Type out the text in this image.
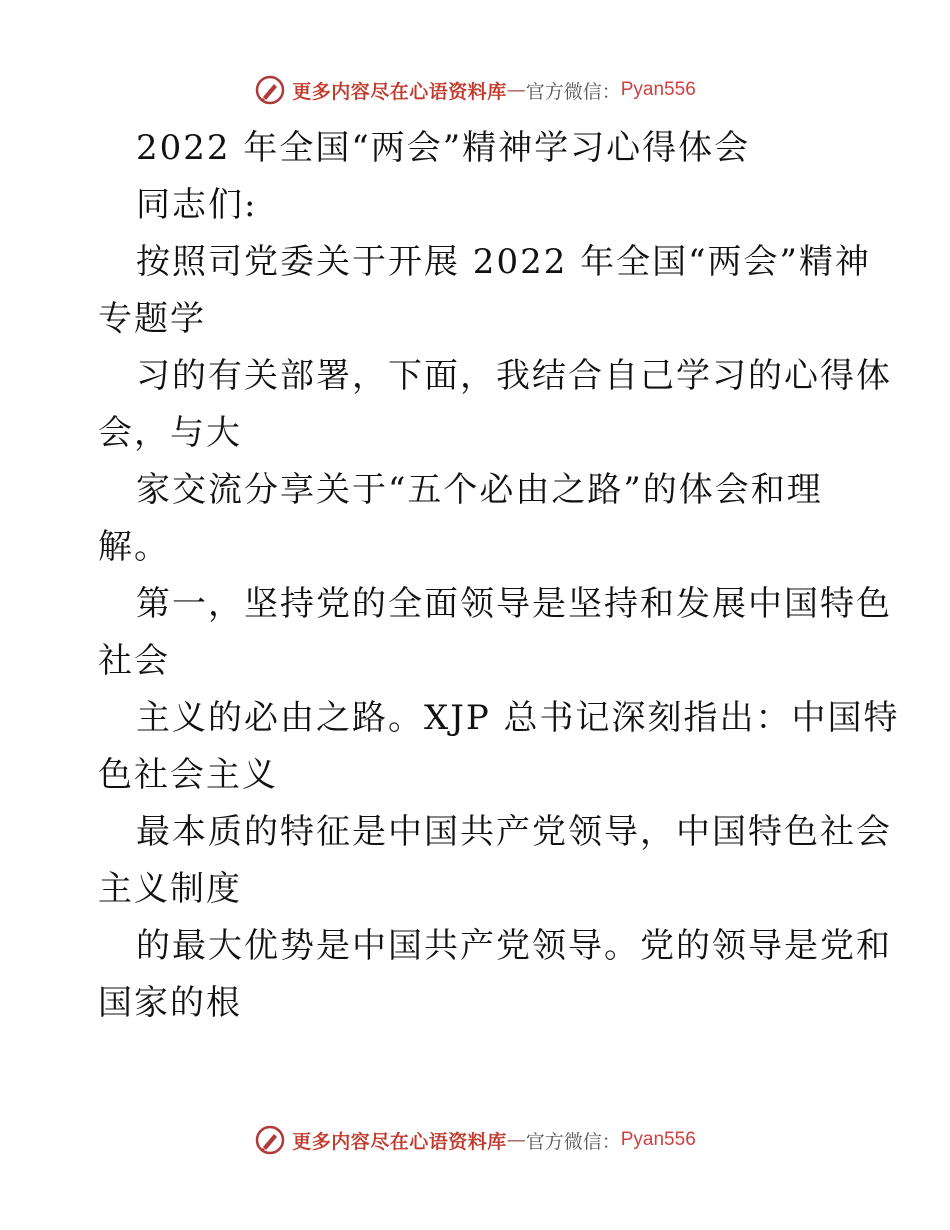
更多内容尽在心语资料库 — 官方微信： Pyan556
2022 年全国“两会”精神学习心得体会
同志们:
按照司党委关于开展 2022 年全国“两会”精神
专题学
习的有关部署，下面，我结合自己学习的心得体
会，与大
家交流分享关于“五个必由之路”的体会和理
解。
第一，坚持党的全面领导是坚持和发展中国特色
社会
主义的必由之路。XJP 总书记深刻指出：中国特
色社会主义
最本质的特征是中国共产党领导，中国特色社会
主义制度
的最大优势是中国共产党领导。党的领导是党和
国家的根
更多内容尽在心语资料库 — 官方微信： Pyan556
